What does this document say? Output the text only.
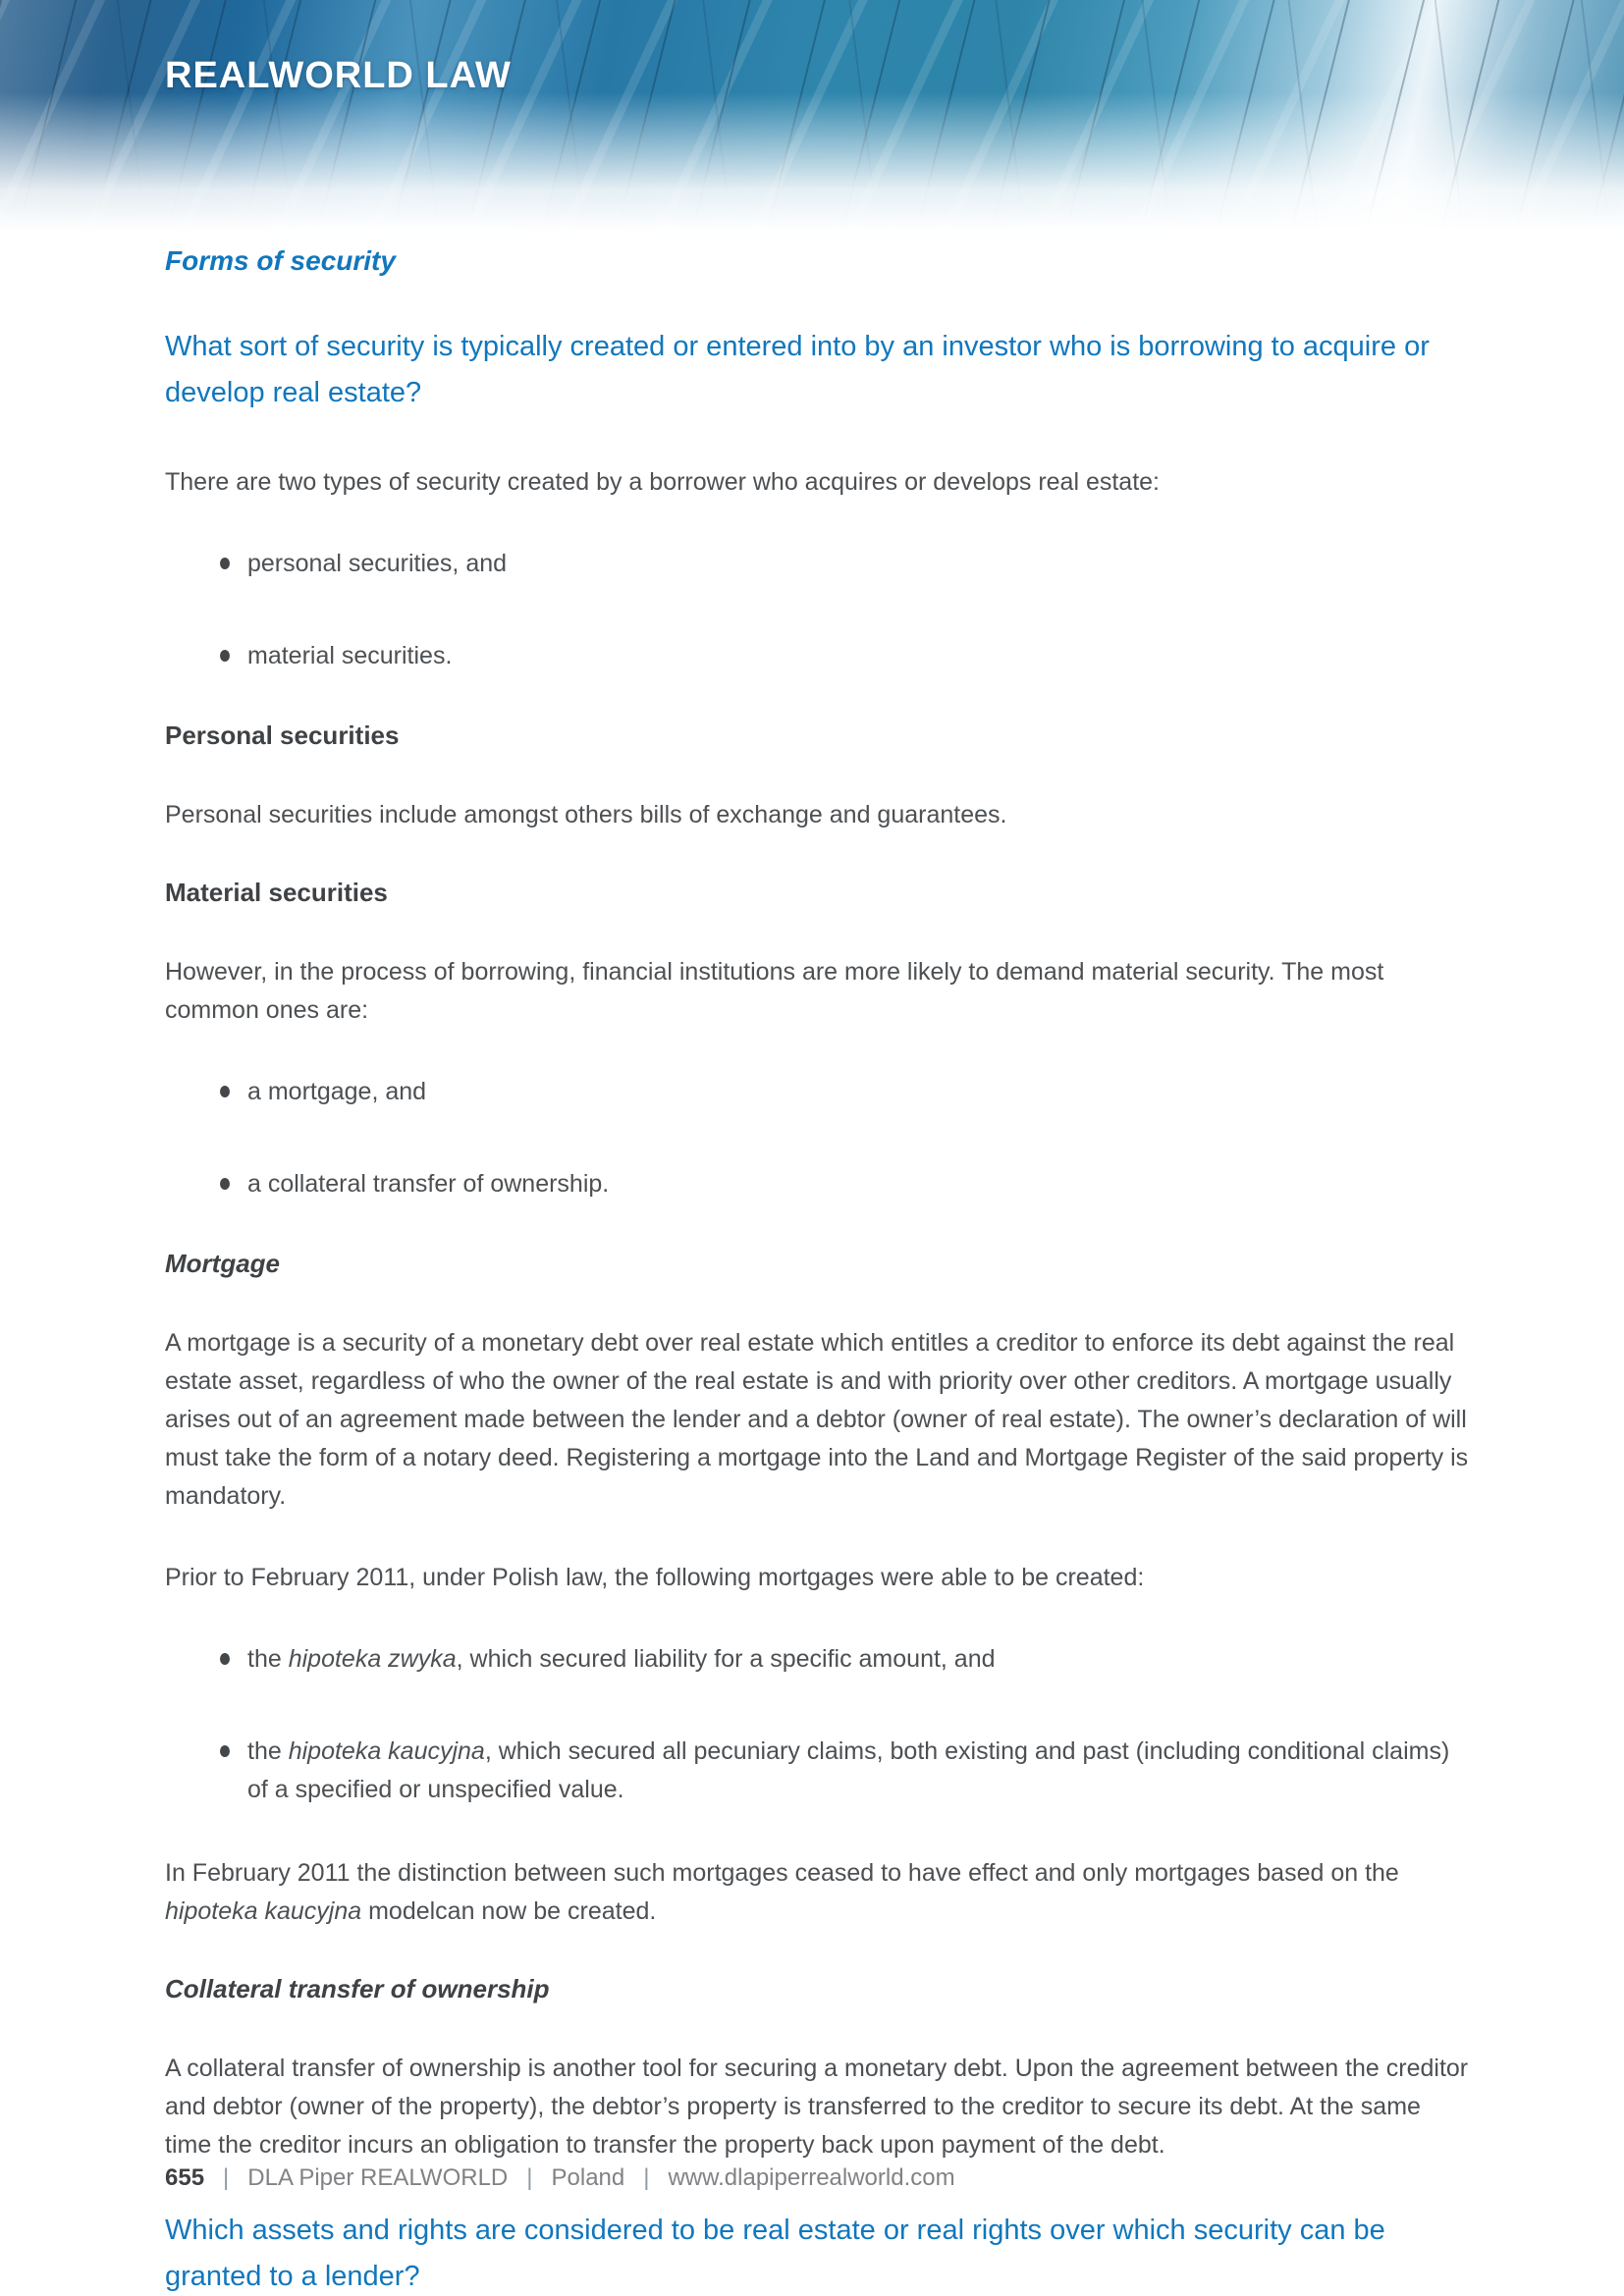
REALWORLD LAW
Forms of security
What sort of security is typically created or entered into by an investor who is borrowing to acquire or develop real estate?

There are two types of security created by a borrower who acquires or develops real estate:

personal securities, and
material securities.
Personal securities

Personal securities include amongst others bills of exchange and guarantees.

Material securities

However, in the process of borrowing, financial institutions are more likely to demand material security. The most common ones are:

a mortgage, and
a collateral transfer of ownership.
Mortgage

A mortgage is a security of a monetary debt over real estate which entitles a creditor to enforce its debt against the real estate asset, regardless of who the owner of the real estate is and with priority over other creditors. A mortgage usually arises out of an agreement made between the lender and a debtor (owner of real estate). The owner’s declaration of will must take the form of a notary deed. Registering a mortgage into the Land and Mortgage Register of the said property is mandatory.

Prior to February 2011, under Polish law, the following mortgages were able to be created:

the hipoteka zwyka, which secured liability for a specific amount, and
the hipoteka kaucyjna, which secured all pecuniary claims, both existing and past (including conditional claims) of a specified or unspecified value.

In February 2011 the distinction between such mortgages ceased to have effect and only mortgages based on the hipoteka kaucyjna modelcan now be created.

Collateral transfer of ownership

A collateral transfer of ownership is another tool for securing a monetary debt. Upon the agreement between the creditor and debtor (owner of the property), the debtor’s property is transferred to the creditor to secure its debt. At the same time the creditor incurs an obligation to transfer the property back upon payment of the debt.

Which assets and rights are considered to be real estate or real rights over which security can be granted to a lender?
655 | DLA Piper REALWORLD | Poland | www.dlapiperrealworld.com
